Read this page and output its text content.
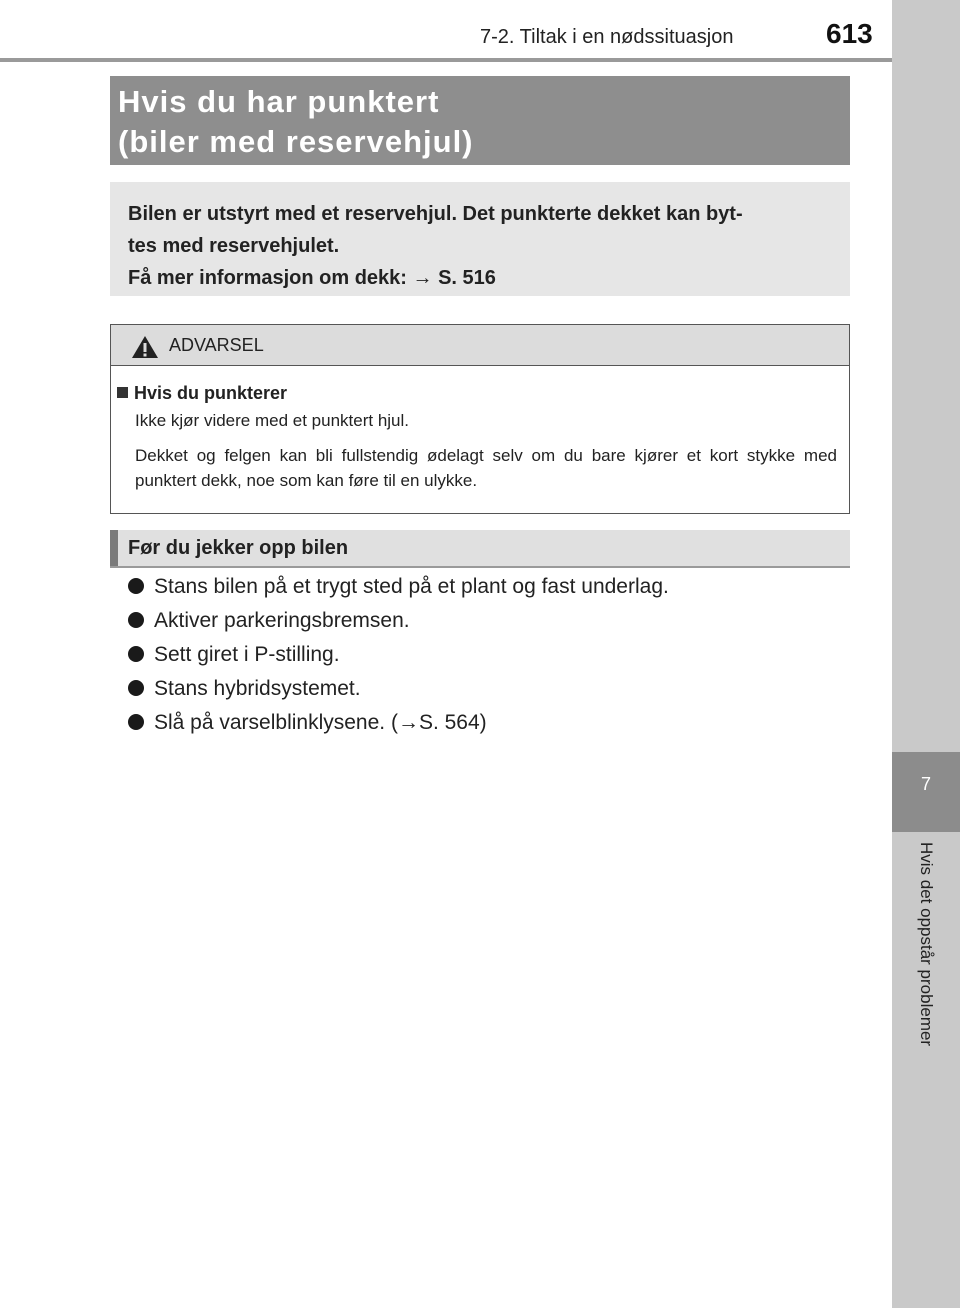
7
Hvis det oppstår problemer
7-2. Tiltak i en nødssituasjon	613
Hvis du har punktert
(biler med reservehjul)
Bilen er utstyrt med et reservehjul. Det punkterte dekket kan byt-
tes med reservehjulet.
Få mer informasjon om dekk: → S. 516
ADVARSEL
Hvis du punkterer
Ikke kjør videre med et punktert hjul.
Dekket og felgen kan bli fullstendig ødelagt selv om du bare kjører et kort stykke med punktert dekk, noe som kan føre til en ulykke.
Før du jekker opp bilen
Stans bilen på et trygt sted på et plant og fast underlag.
Aktiver parkeringsbremsen.
Sett giret i P-stilling.
Stans hybridsystemet.
Slå på varselblinklysene. (→S. 564)
